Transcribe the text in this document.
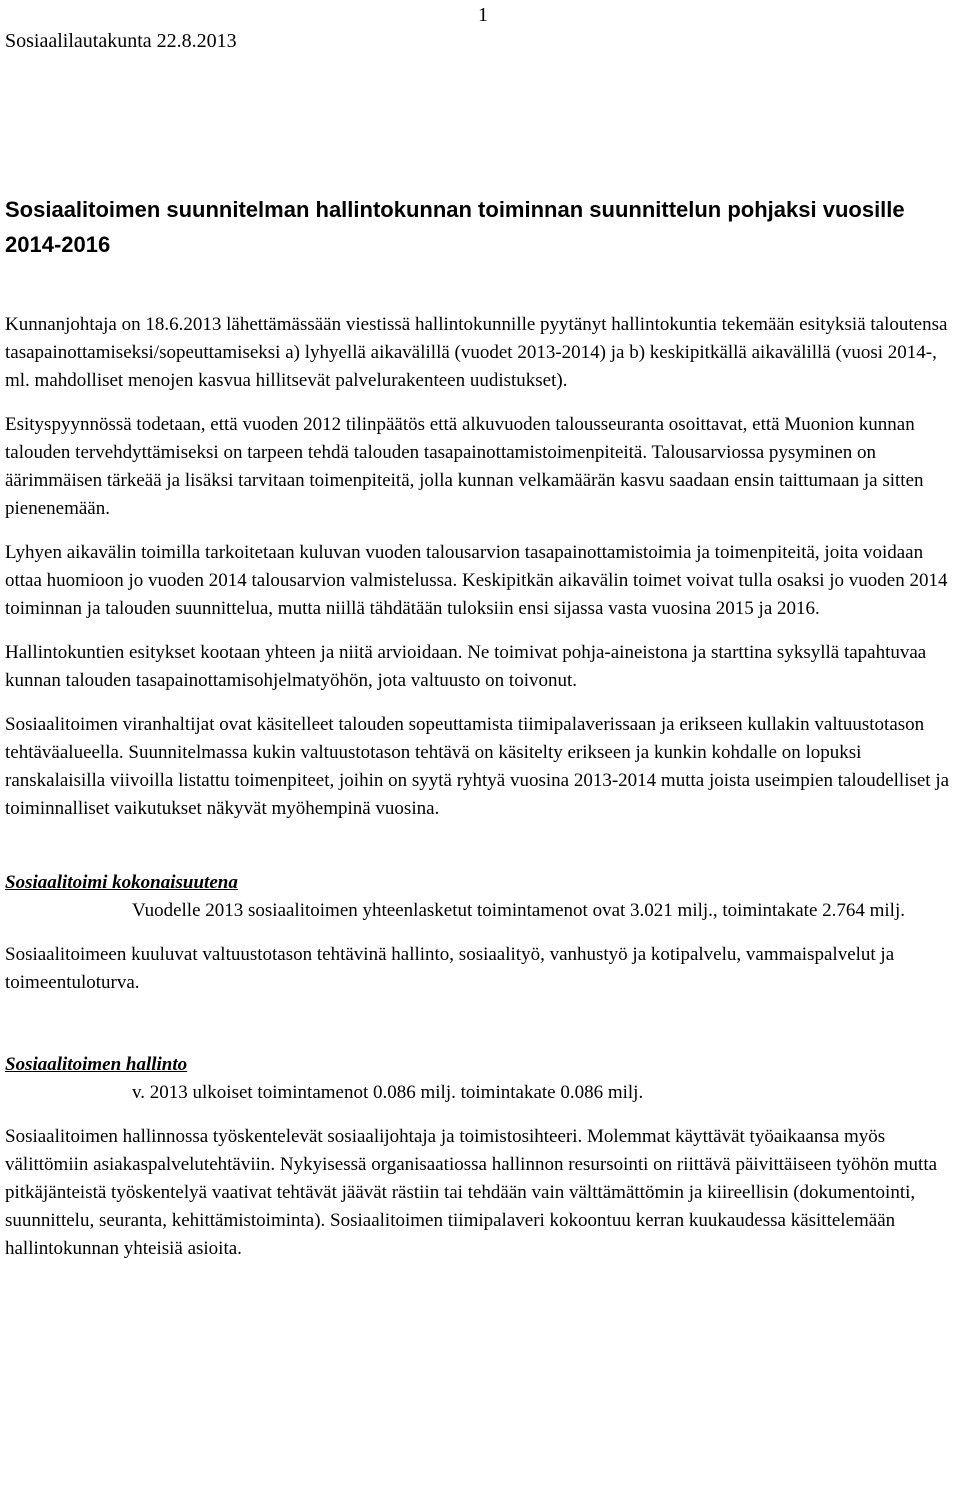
Sosiaalilautakunta 22.8.2013
1
Sosiaalitoimen suunnitelman hallintokunnan toiminnan suunnittelun pohjaksi vuosille 2014-2016

Kunnanjohtaja on 18.6.2013 lähettämässään viestissä hallintokunnille pyytänyt hallintokuntia tekemään esityksiä taloutensa tasapainottamiseksi/sopeuttamiseksi a) lyhyellä aikavälillä (vuodet 2013-2014) ja b) keskipitkällä aikavälillä (vuosi 2014-, ml. mahdolliset menojen kasvua hillitsevät palvelurakenteen uudistukset).

Esityspyynnössä todetaan, että vuoden 2012 tilinpäätös että alkuvuoden talousseuranta osoittavat, että Muonion kunnan talouden tervehdyttämiseksi on tarpeen tehdä talouden tasapainottamistoimenpiteitä. Talousarviossa pysyminen on äärimmäisen tärkeää ja lisäksi tarvitaan toimenpiteitä, jolla kunnan velkamäärän kasvu saadaan ensin taittumaan ja sitten pienenemään.

Lyhyen aikavälin toimilla tarkoitetaan kuluvan vuoden talousarvion tasapainottamistoimia ja toimenpiteitä, joita voidaan ottaa huomioon jo vuoden 2014 talousarvion valmistelussa. Keskipitkän aikavälin toimet voivat tulla osaksi jo vuoden 2014 toiminnan ja talouden suunnittelua, mutta niillä tähdätään tuloksiin ensi sijassa vasta vuosina 2015 ja 2016.

Hallintokuntien esitykset kootaan yhteen ja niitä arvioidaan. Ne toimivat pohja-aineistona ja starttina syksyllä tapahtuvaa kunnan talouden tasapainottamisohjelmatyöhön, jota valtuusto on toivonut.

Sosiaalitoimen viranhaltijat ovat käsitelleet talouden sopeuttamista tiimipalaverissaan ja erikseen kullakin valtuustotason tehtäväalueella. Suunnitelmassa kukin valtuustotason tehtävä on käsitelty erikseen ja kunkin kohdalle on lopuksi ranskalaisilla viivoilla listattu toimenpiteet, joihin on syytä ryhtyä vuosina 2013-2014 mutta joista useimpien taloudelliset ja toiminnalliset vaikutukset näkyvät myöhempinä vuosina.

Sosiaalitoimi kokonaisuutena

Vuodelle 2013 sosiaalitoimen yhteenlasketut toimintamenot ovat 3.021 milj., toimintakate 2.764 milj.

Sosiaalitoimeen kuuluvat valtuustotason tehtävinä hallinto, sosiaalityö, vanhustyö ja kotipalvelu, vammaispalvelut ja toimeentuloturva.

Sosiaalitoimen hallinto

v. 2013 ulkoiset toimintamenot 0.086 milj. toimintakate 0.086 milj.

Sosiaalitoimen hallinnossa työskentelevät sosiaalijohtaja ja toimistosihteeri. Molemmat käyttävät työaikaansa myös välittömiin asiakaspalvelutehtäviin. Nykyisessä organisaatiossa hallinnon resursointi on riittävä päivittäiseen työhön mutta pitkäjänteistä työskentelyä vaativat tehtävät jäävät rästiin tai tehdään vain välttämättömin ja kiireellisin (dokumentointi, suunnittelu, seuranta, kehittämistoiminta). Sosiaalitoimen tiimipalaveri kokoontuu kerran kuukaudessa käsittelemään hallintokunnan yhteisiä asioita.
